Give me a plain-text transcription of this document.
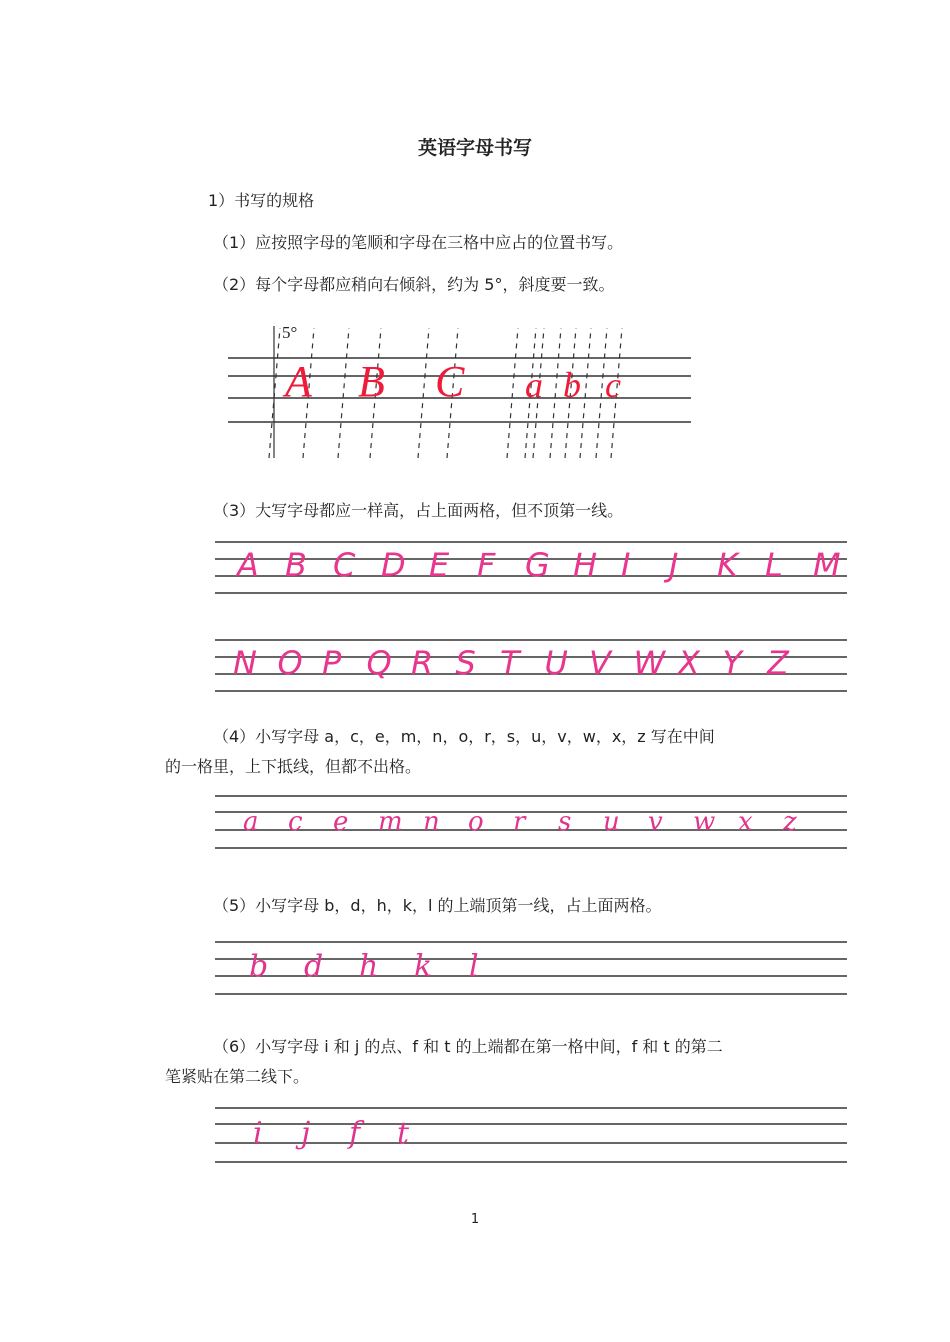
英语字母书写
1）书写的规格
（1）应按照字母的笔顺和字母在三格中应占的位置书写。
（2）每个字母都应稍向右倾斜，约为 5°，斜度要一致。
5°
A B C a b c
（3）大写字母都应一样高，占上面两格，但不顶第一线。
A B C D E F G H I J K L M
N O P Q R S T U V W X Y Z
（4）小写字母 a，c，e，m，n，o，r，s，u，v，w，x，z 写在中间
的一格里，上下抵线，但都不出格。
a c e m n o r s u v w x z
（5）小写字母 b，d，h，k，l 的上端顶第一线，占上面两格。
b d h k l
（6）小写字母 i 和 j 的点、f 和 t 的上端都在第一格中间，f 和 t 的第二
笔紧贴在第二线下。
i j f t
1
